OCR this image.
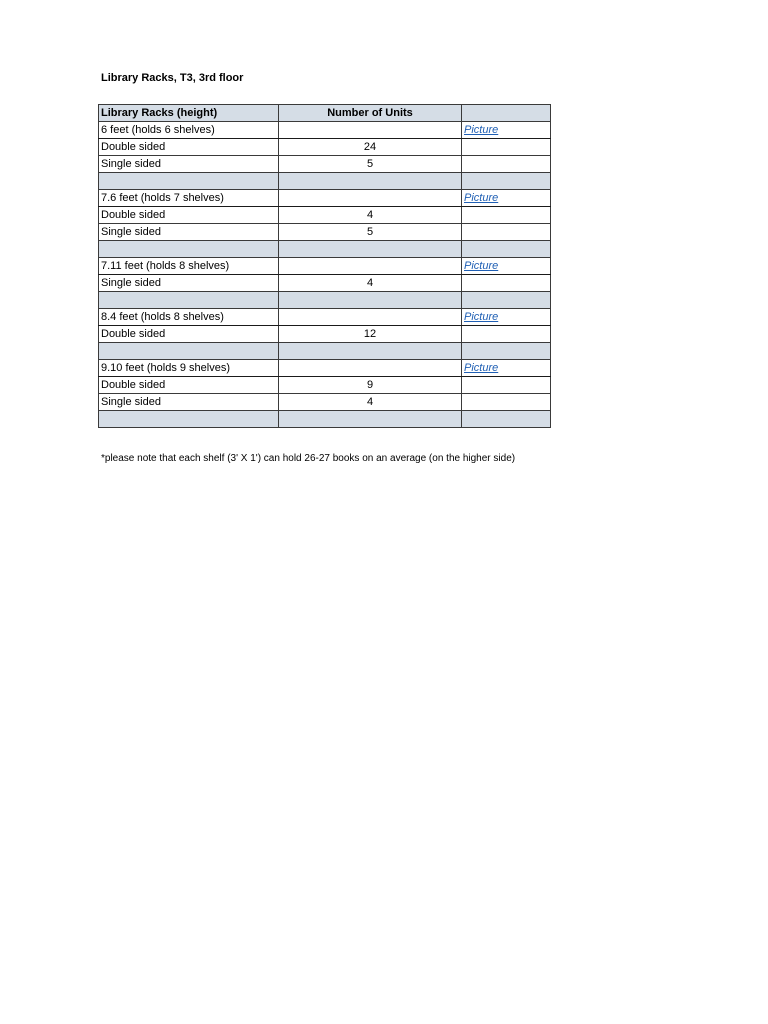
Library Racks, T3, 3rd floor
Library Racks (height)	Number of Units	
6 feet (holds 6 shelves)		Picture
Double sided	24	
Single sided	5	

7.6 feet (holds 7 shelves)		Picture
Double sided	4	
Single sided	5	

7.11 feet (holds 8 shelves)		Picture
Single sided	4	

8.4 feet (holds 8 shelves)		Picture
Double sided	12	

9.10 feet (holds 9 shelves)		Picture
Double sided	9	
Single sided	4	

*please note that each shelf (3' X 1') can hold 26-27 books on an average (on the higher side)
